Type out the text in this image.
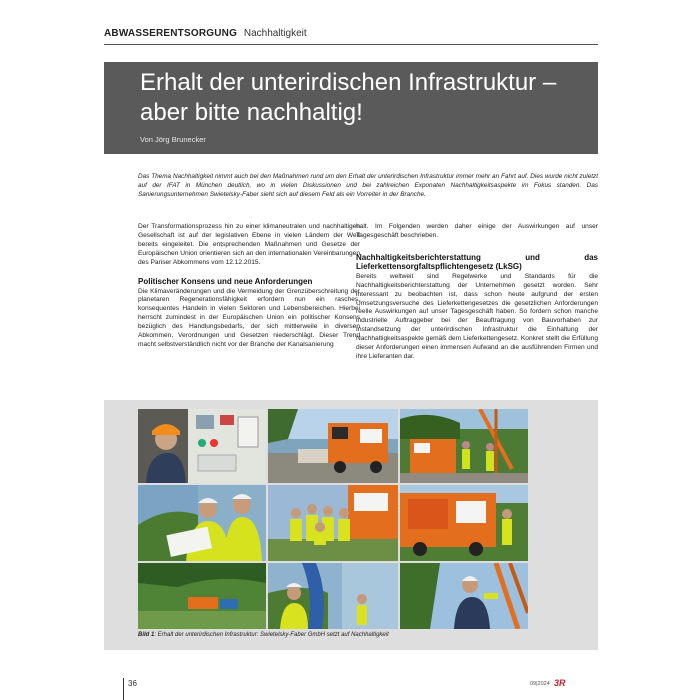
ABWASSERENTSORGUNG Nachhaltigkeit
Erhalt der unterirdischen Infrastruktur – aber bitte nachhaltig!
Von Jörg Brunecker
Das Thema Nachhaltigkeit nimmt auch bei den Maßnahmen rund um den Erhalt der unterirdischen Infrastruktur immer mehr an Fahrt auf. Dies wurde nicht zuletzt auf der IFAT in München deutlich, wo in vielen Diskussionen und bei zahlreichen Exponaten Nachhaltigkeitsaspekte im Fokus standen. Das Sanierungsunternehmen Swietelsky-Faber sieht sich auf diesem Feld als ein Vorreiter in der Branche.

Der Transformationsprozess hin zu einer klimaneutralen und nachhaltigen Gesellschaft ist auf der legislativen Ebene in vielen Ländern der Welt bereits eingeleitet. Die entsprechenden Maßnahmen und Gesetze der Europäischen Union orientieren sich an den internationalen Vereinbarungen des Pariser Abkommens vom 12.12.2015.

Politischer Konsens und neue Anforderungen

Die Klimaveränderungen und die Vermeidung der Grenzüberschreitung der planetaren Regenerationsfähigkeit erfordern nun ein rasches, konsequentes Handeln in vielen Sektoren und Lebensbereichen. Hierbei herrscht zumindest in der Europäischen Union ein politischer Konsens bezüglich des Handlungsbedarfs, der sich mittlerweile in diversen Abkommen, Verordnungen und Gesetzen niederschlägt. Dieser Trend macht selbstverständlich nicht vor der Branche der Kanalsanierung

halt. Im Folgenden werden daher einige der Auswirkungen auf unser Tagesgeschäft beschrieben.

Nachhaltigkeitsberichterstattung und das Lieferkettensorgfaltspflichtengesetz (LkSG)

Bereits weltweit sind Regelwerke und Standards für die Nachhaltigkeitsberichterstattung der Unternehmen gesetzt worden. Sehr interessant zu beobachten ist, dass schon heute aufgrund der ersten Umsetzungsversuche des Lieferkettengesetzes die gesetzlichen Anforderungen reelle Auswirkungen auf unser Tagesgeschäft haben. So fordern schon manche industrielle Auftraggeber bei der Beauftragung von Bauvorhaben zur Instandsetzung der unterirdischen Infrastruktur die Einhaltung der Nachhaltigkeitsaspekte gemäß dem Lieferkettengesetz. Konkret stellt die Erfüllung dieser Anforderungen einen immensen Aufwand an die ausführenden Firmen und ihre Lieferanten dar.

Bild 1: Erhalt der unterirdischen Infrastruktur: Swietelsky-Faber GmbH setzt auf Nachhaltigkeit
36	09|2024 3R
